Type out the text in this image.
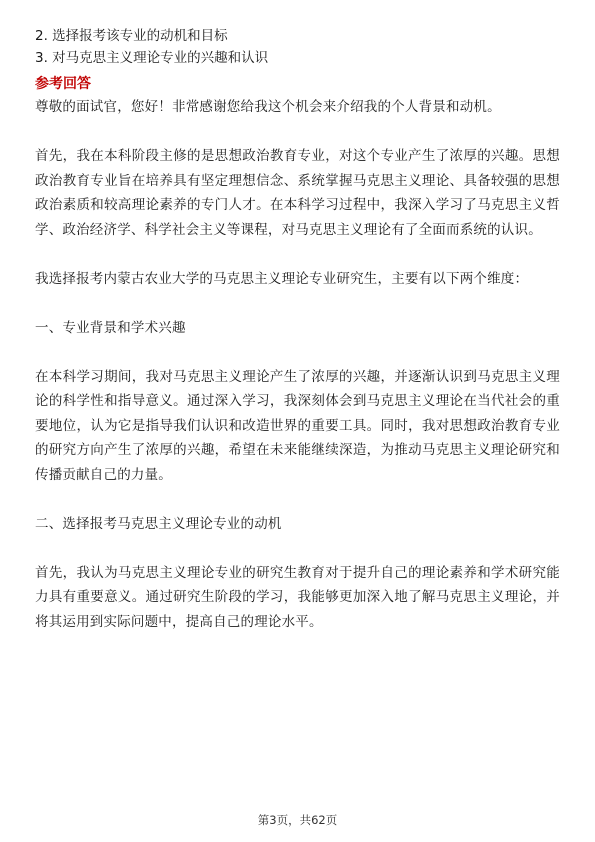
2. 选择报考该专业的动机和目标

3. 对马克思主义理论专业的兴趣和认识

参考回答

尊敬的面试官，您好！非常感谢您给我这个机会来介绍我的个人背景和动机。

首先，我在本科阶段主修的是思想政治教育专业，对这个专业产生了浓厚的兴趣。思想政治教育专业旨在培养具有坚定理想信念、系统掌握马克思主义理论、具备较强的思想政治素质和较高理论素养的专门人才。在本科学习过程中，我深入学习了马克思主义哲学、政治经济学、科学社会主义等课程，对马克思主义理论有了全面而系统的认识。

我选择报考内蒙古农业大学的马克思主义理论专业研究生，主要有以下两个维度：

一、专业背景和学术兴趣

在本科学习期间，我对马克思主义理论产生了浓厚的兴趣，并逐渐认识到马克思主义理论的科学性和指导意义。通过深入学习，我深刻体会到马克思主义理论在当代社会的重要地位，认为它是指导我们认识和改造世界的重要工具。同时，我对思想政治教育专业的研究方向产生了浓厚的兴趣，希望在未来能继续深造，为推动马克思主义理论研究和传播贡献自己的力量。

二、选择报考马克思主义理论专业的动机

首先，我认为马克思主义理论专业的研究生教育对于提升自己的理论素养和学术研究能力具有重要意义。通过研究生阶段的学习，我能够更加深入地了解马克思主义理论，并将其运用到实际问题中，提高自己的理论水平。

第3页，共62页
